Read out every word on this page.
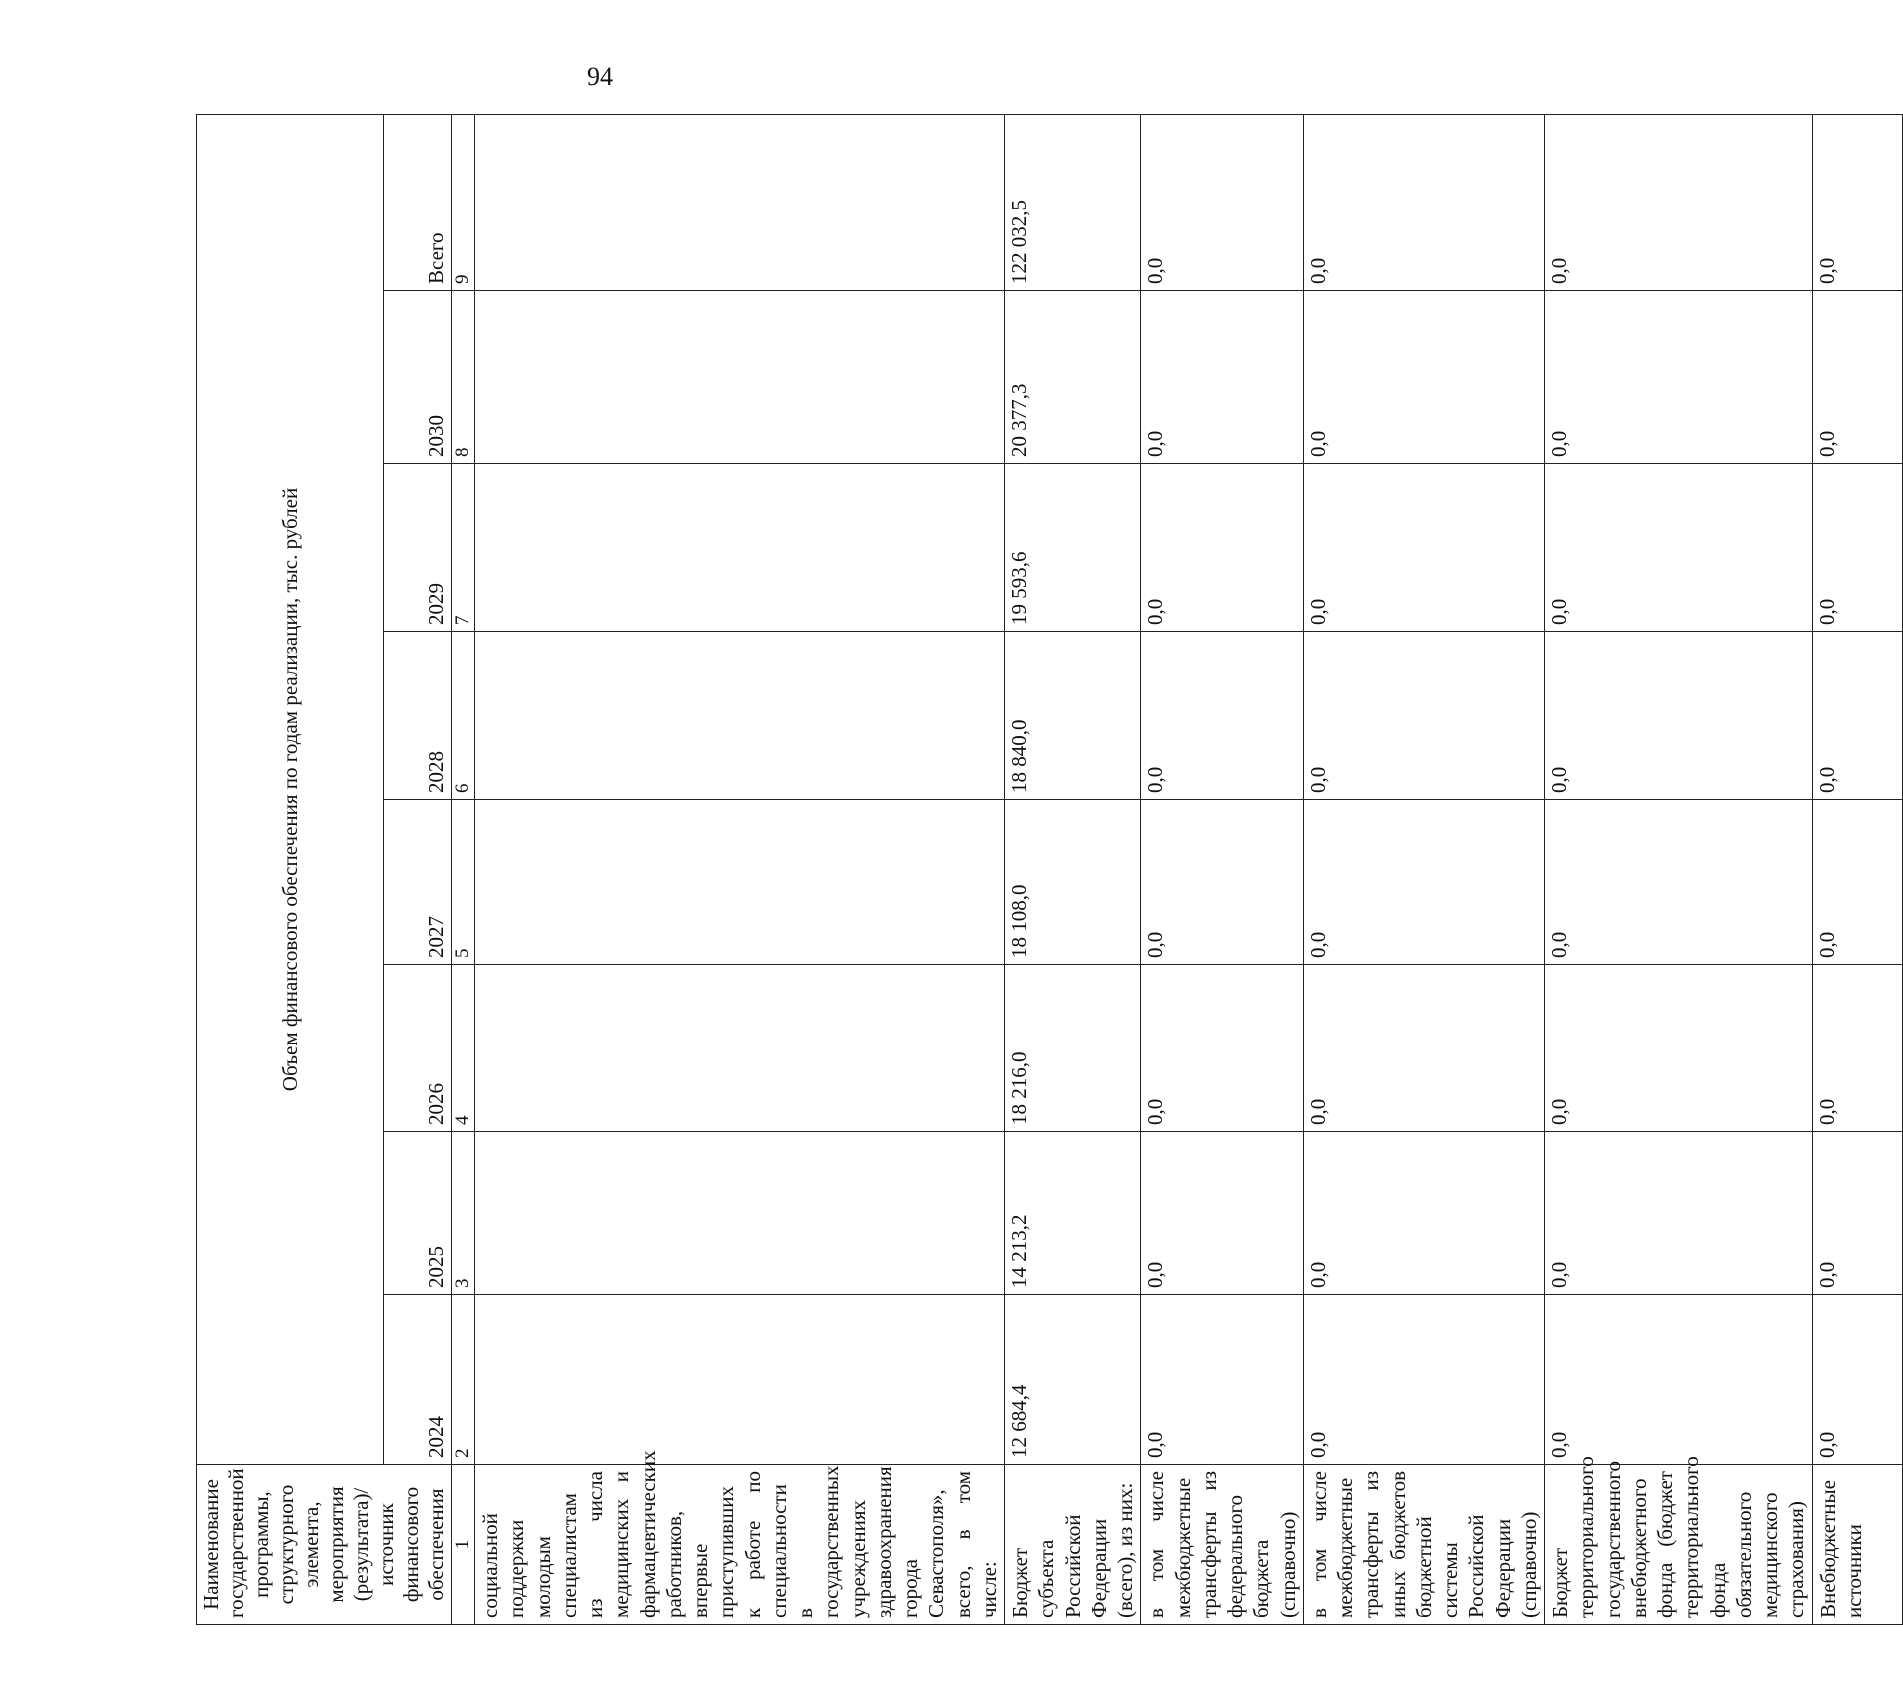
94
Наименование государственной программы, структурного элемента, мероприятия (результата)/источник финансового обеспечения	Объем финансового обеспечения по годам реализации, тыс. рублей							
	2024	2025	2026	2027	2028	2029	2030	Всего
1	2	3	4	5	6	7	8	9
социальной поддержки молодым специалистам из числа медицинских и фармацевтических работников, впервые приступивших к работе по специальности в государственных учреждениях здравоохранения города Севастополя», всего, в том числе:								
Бюджет субъекта Российской Федерации (всего), из них:	12 684,4	14 213,2	18 216,0	18 108,0	18 840,0	19 593,6	20 377,3	122 032,5
в том числе межбюджетные трансферты из федерального бюджета (справочно)	0,0	0,0	0,0	0,0	0,0	0,0	0,0	0,0
в том числе межбюджетные трансферты из иных бюджетов бюджетной системы Российской Федерации (справочно)	0,0	0,0	0,0	0,0	0,0	0,0	0,0	0,0
Бюджет территориального государственного внебюджетного фонда (бюджет территориального фонда обязательного медицинского страхования)	0,0	0,0	0,0	0,0	0,0	0,0	0,0	0,0
Внебюджетные источники	0,0	0,0	0,0	0,0	0,0	0,0	0,0	0,0
